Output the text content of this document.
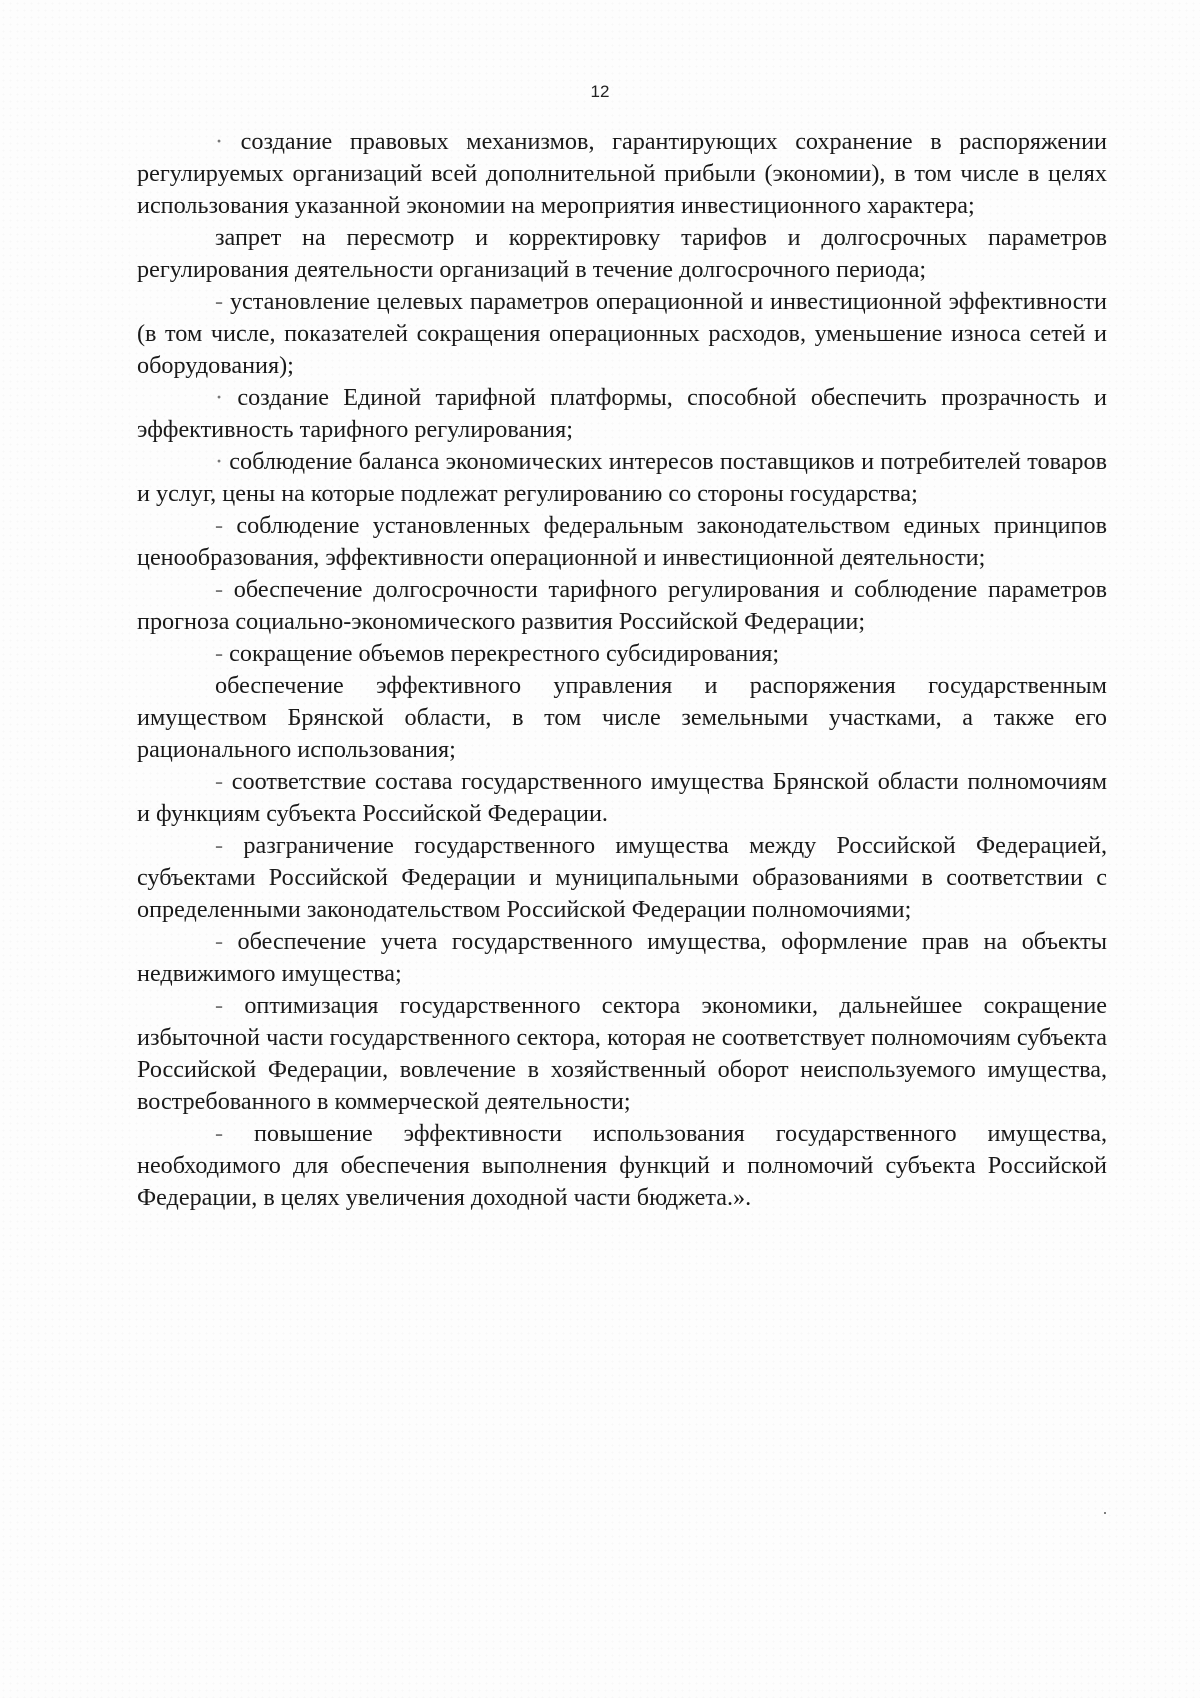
12

· создание правовых механизмов, гарантирующих сохранение в распоряжении регулируемых организаций всей дополнительной прибыли (экономии), в том числе в целях использования указанной экономии на мероприятия инвестиционного характера;

запрет на пересмотр и корректировку тарифов и долгосрочных параметров регулирования деятельности организаций в течение долгосрочного периода;

- установление целевых параметров операционной и инвестиционной эффективности (в том числе, показателей сокращения операционных расходов, уменьшение износа сетей и оборудования);

· создание Единой тарифной платформы, способной обеспечить прозрачность и эффективность тарифного регулирования;

· соблюдение баланса экономических интересов поставщиков и потребителей товаров и услуг, цены на которые подлежат регулированию со стороны государства;

- соблюдение установленных федеральным законодательством единых принципов ценообразования, эффективности операционной и инвестиционной деятельности;

- обеспечение долгосрочности тарифного регулирования и соблюдение параметров прогноза социально-экономического развития Российской Федерации;

- сокращение объемов перекрестного субсидирования;

обеспечение эффективного управления и распоряжения государственным имуществом Брянской области, в том числе земельными участками, а также его рационального использования;

- соответствие состава государственного имущества Брянской области полномочиям и функциям субъекта Российской Федерации.

- разграничение государственного имущества между Российской Федерацией, субъектами Российской Федерации и муниципальными образованиями в соответствии с определенными законодательством Российской Федерации полномочиями;

- обеспечение учета государственного имущества, оформление прав на объекты недвижимого имущества;

- оптимизация государственного сектора экономики, дальнейшее сокращение избыточной части государственного сектора, которая не соответствует полномочиям субъекта Российской Федерации, вовлечение в хозяйственный оборот неиспользуемого имущества, востребованного в коммерческой деятельности;

- повышение эффективности использования государственного имущества, необходимого для обеспечения выполнения функций и полномочий субъекта Российской Федерации, в целях увеличения доходной части бюджета.».
